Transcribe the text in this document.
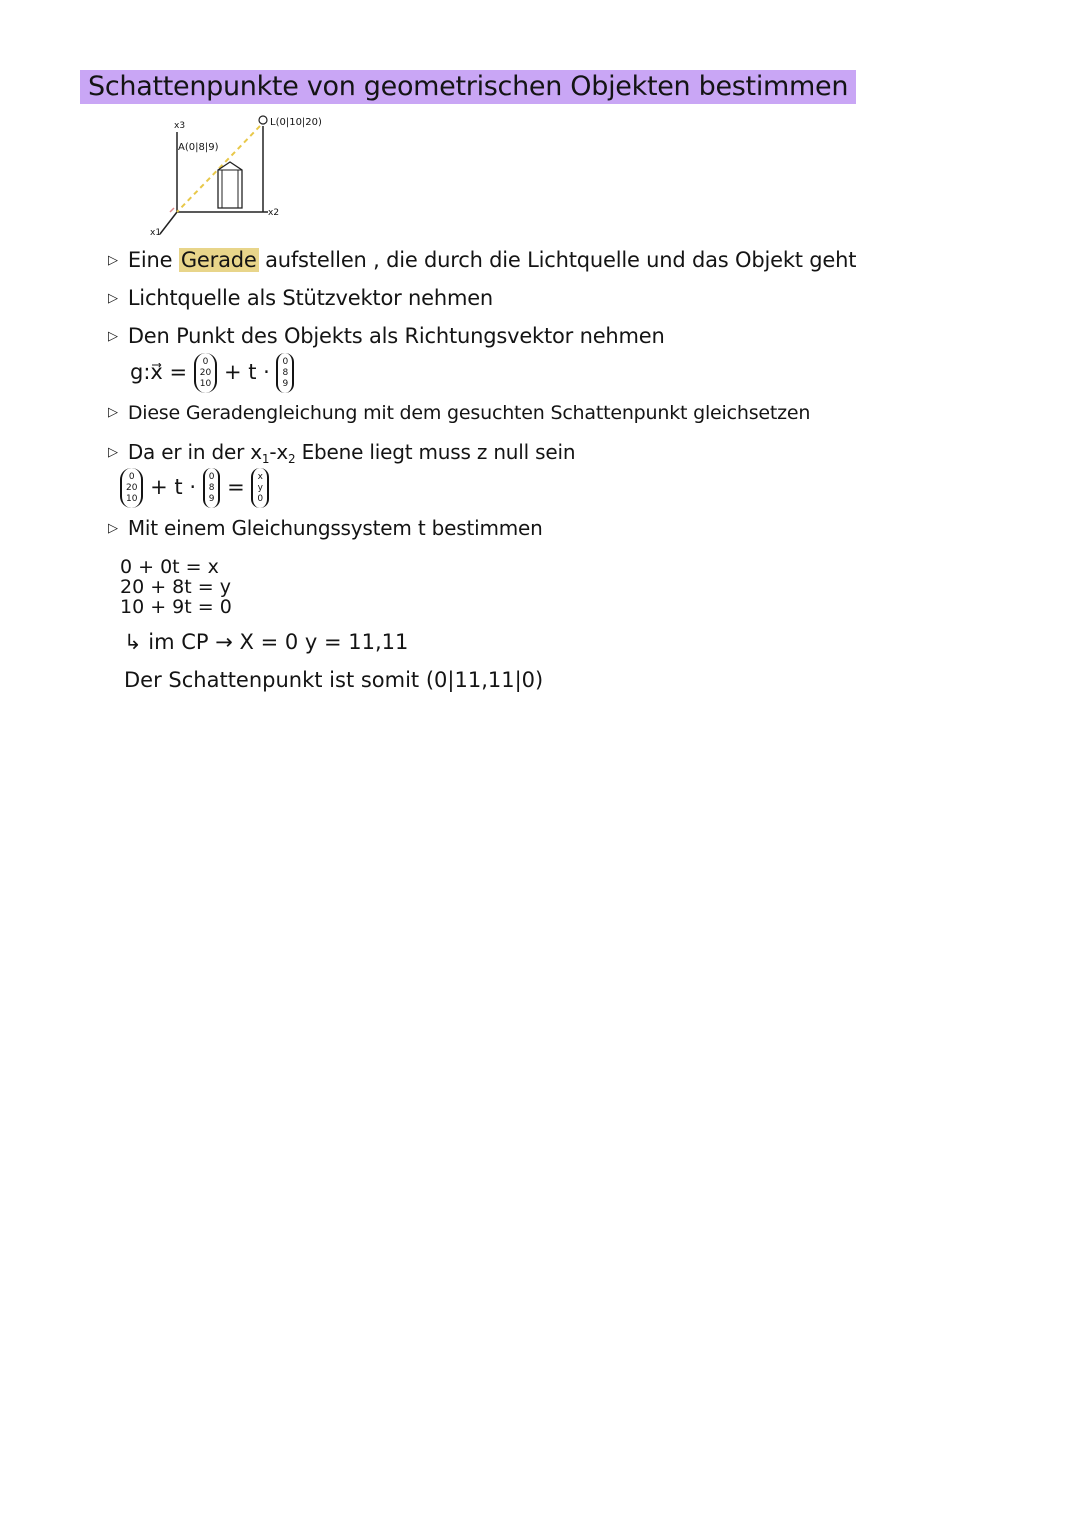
Schattenpunkte von geometrischen Objekten bestimmen
L(0|10|20)
A(0|8|9)
x3
x2
x1
▷ Eine Gerade aufstellen , die durch die Lichtquelle und das Objekt geht
▷ Lichtquelle als Stützvektor nehmen
▷ Den Punkt des Objekts als Richtungsvektor nehmen
g:x⃗ =	0
20
10 + t · 0
8
9
▷ Diese Geradengleichung mit dem gesuchten Schattenpunkt gleichsetzen
▷ Da er in der $x_1-x_2$ Ebene liegt muss z null sein
0
20
10 + t · 0
8
9 = x
y
0
▷ Mit einem Gleichungssystem t bestimmen
0 + 0t = x
20 + 8t = y
10 + 9t = 0
↳ im CP → X = 0 y = 11,11
Der Schattenpunkt ist somit (0|11,11|0)
